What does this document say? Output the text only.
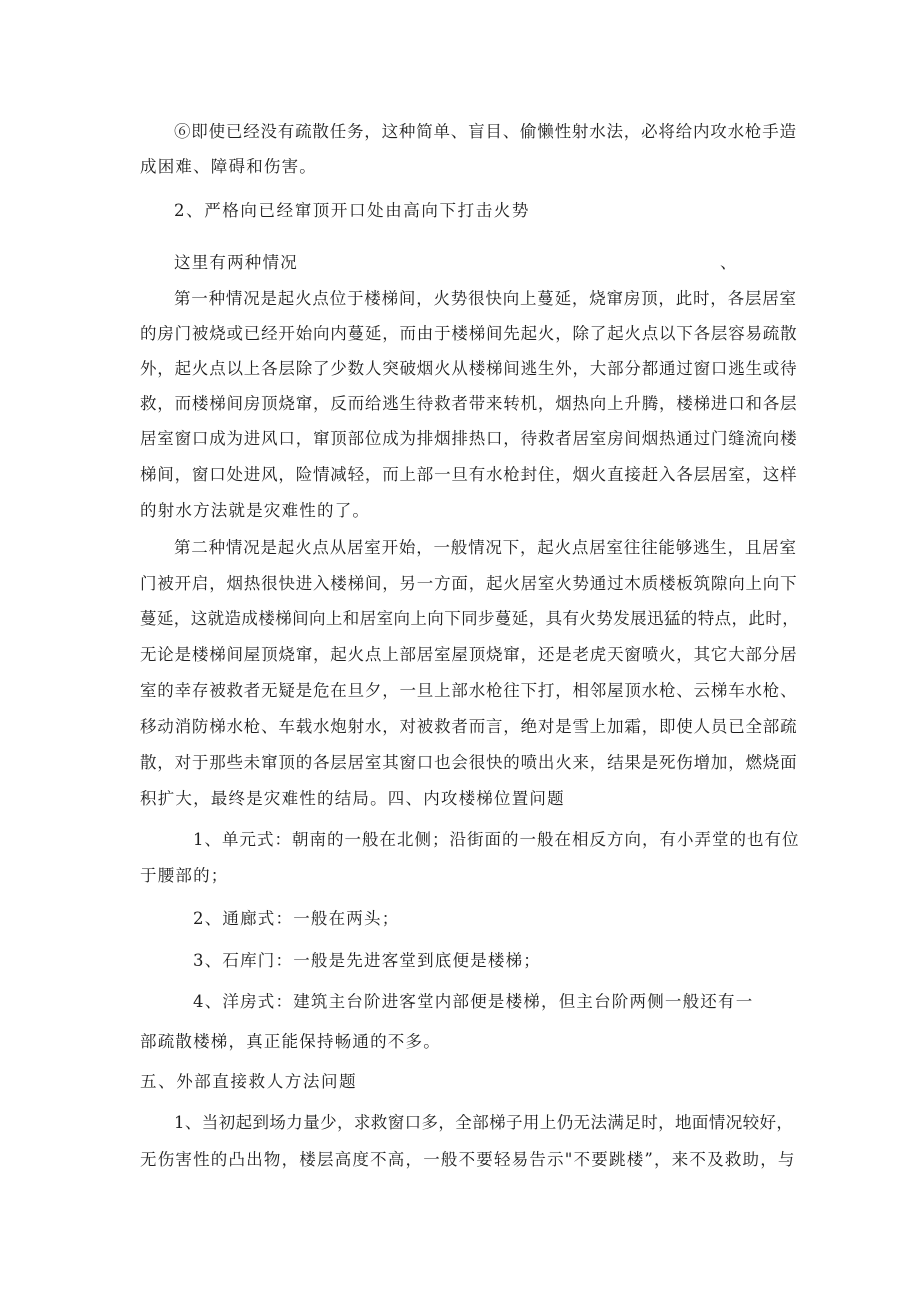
⑥即使已经没有疏散任务，这种简单、盲目、偷懒性射水法，必将给内攻水枪手造

成困难、障碍和伤害。

2、严格向已经窜顶开口处由高向下打击火势

这里有两种情况	、

第一种情况是起火点位于楼梯间，火势很快向上蔓延，烧窜房顶，此时，各层居室

的房门被烧或已经开始向内蔓延，而由于楼梯间先起火，除了起火点以下各层容易疏散

外，起火点以上各层除了少数人突破烟火从楼梯间逃生外，大部分都通过窗口逃生或待

救，而楼梯间房顶烧窜，反而给逃生待救者带来转机，烟热向上升腾，楼梯进口和各层

居室窗口成为进风口，窜顶部位成为排烟排热口，待救者居室房间烟热通过门缝流向楼

梯间，窗口处进风，险情减轻，而上部一旦有水枪封住，烟火直接赶入各层居室，这样

的射水方法就是灾难性的了。

第二种情况是起火点从居室开始，一般情况下，起火点居室往往能够逃生，且居室

门被开启，烟热很快进入楼梯间，另一方面，起火居室火势通过木质楼板筑隙向上向下

蔓延，这就造成楼梯间向上和居室向上向下同步蔓延，具有火势发展迅猛的特点，此时，

无论是楼梯间屋顶烧窜，起火点上部居室屋顶烧窜，还是老虎天窗喷火，其它大部分居

室的幸存被救者无疑是危在旦夕，一旦上部水枪往下打，相邻屋顶水枪、云梯车水枪、

移动消防梯水枪、车载水炮射水，对被救者而言，绝对是雪上加霜，即使人员已全部疏

散，对于那些未窜顶的各层居室其窗口也会很快的喷出火来，结果是死伤增加，燃烧面

积扩大，最终是灾难性的结局。四、内攻楼梯位置问题

1、单元式：朝南的一般在北侧；沿街面的一般在相反方向，有小弄堂的也有位

于腰部的；

2、通廊式：一般在两头；

3、石库门：一般是先进客堂到底便是楼梯；

4、洋房式：建筑主台阶进客堂内部便是楼梯，但主台阶两侧一般还有一

部疏散楼梯，真正能保持畅通的不多。

五、外部直接救人方法问题

1、当初起到场力量少，求救窗口多，全部梯子用上仍无法满足时，地面情况较好，

无伤害性的凸出物，楼层高度不高，一般不要轻易告示"不要跳楼”，来不及救助，与
